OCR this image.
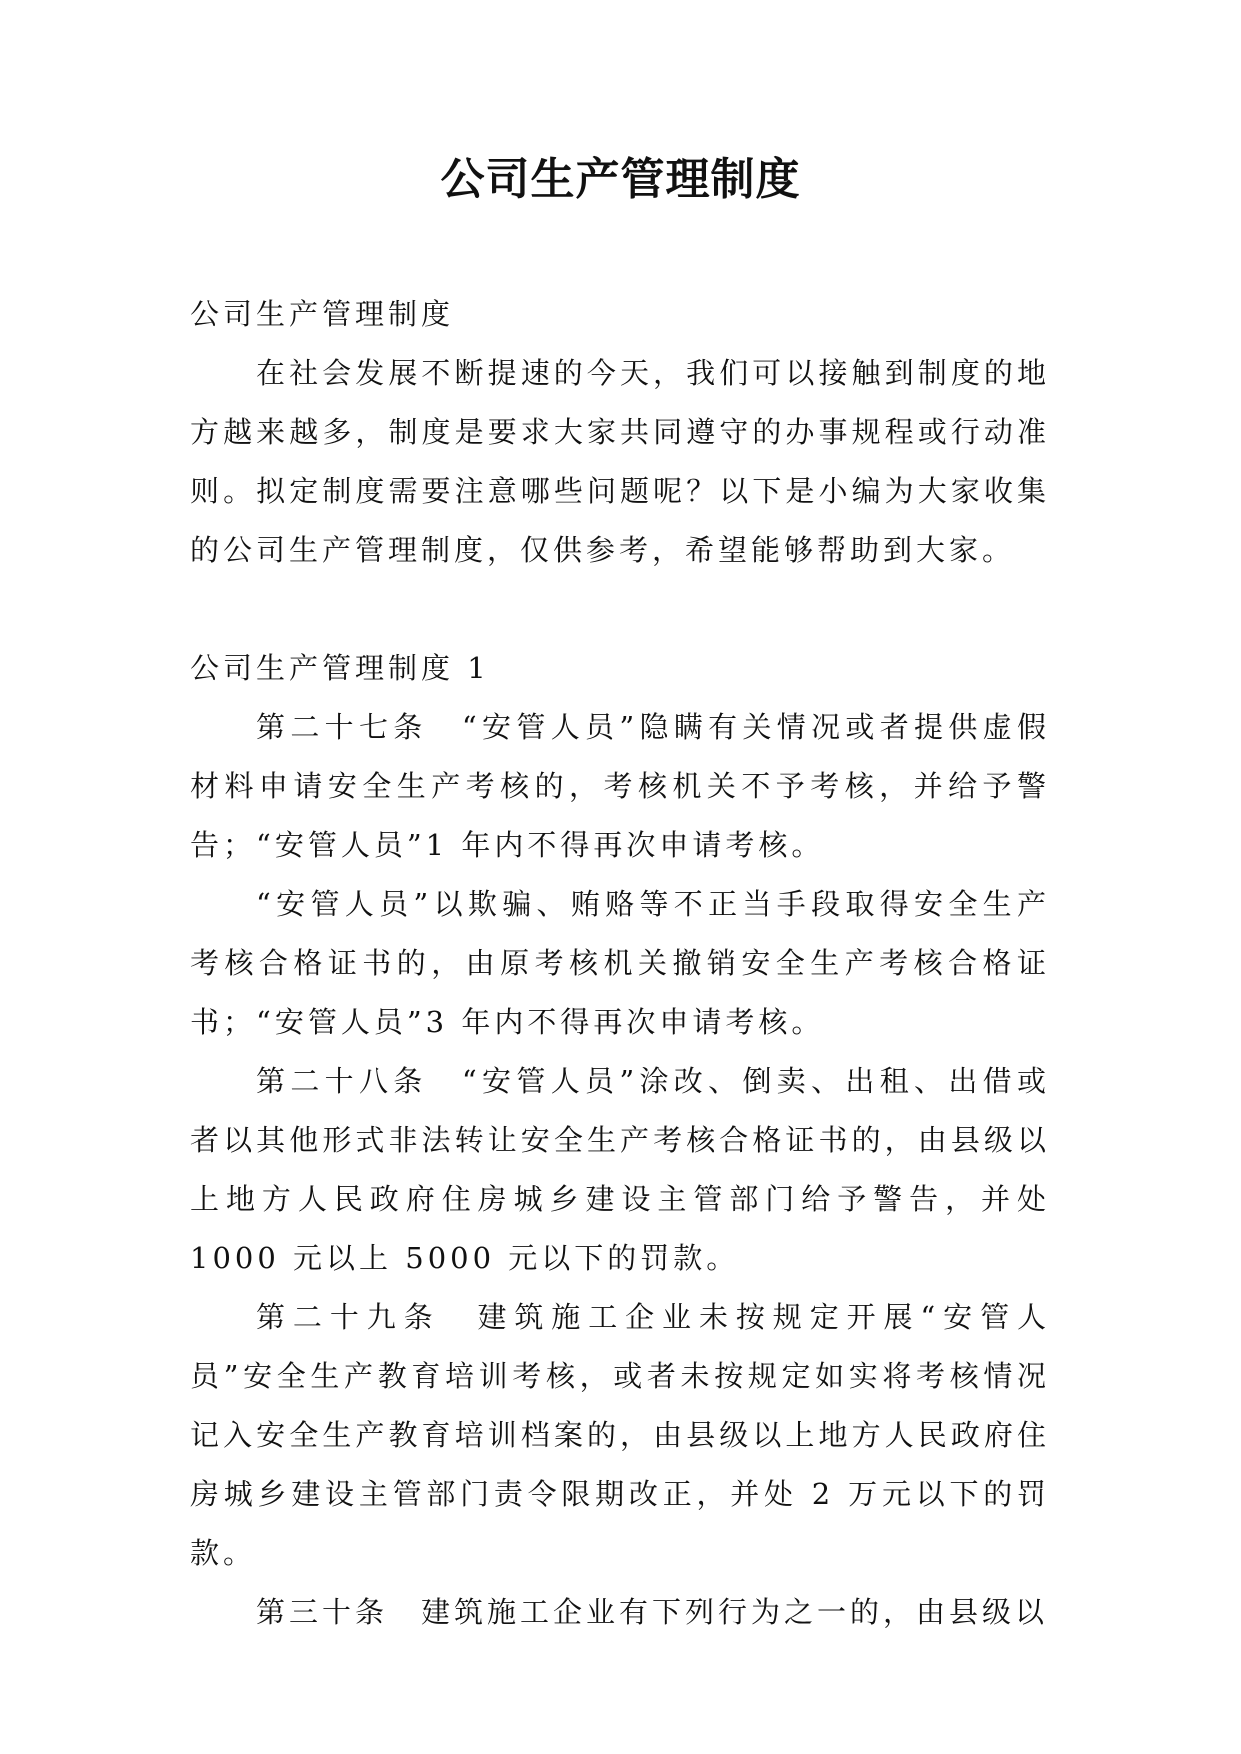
公司生产管理制度

公司生产管理制度

在社会发展不断提速的今天，我们可以接触到制度的地方越来越多，制度是要求大家共同遵守的办事规程或行动准则。拟定制度需要注意哪些问题呢？以下是小编为大家收集的公司生产管理制度，仅供参考，希望能够帮助到大家。

公司生产管理制度 1

第二十七条　“安管人员”隐瞒有关情况或者提供虚假材料申请安全生产考核的，考核机关不予考核，并给予警告；“安管人员”1 年内不得再次申请考核。

“安管人员”以欺骗、贿赂等不正当手段取得安全生产考核合格证书的，由原考核机关撤销安全生产考核合格证书；“安管人员”3 年内不得再次申请考核。

第二十八条　“安管人员”涂改、倒卖、出租、出借或者以其他形式非法转让安全生产考核合格证书的，由县级以上地方人民政府住房城乡建设主管部门给予警告，并处 1000 元以上 5000 元以下的罚款。

第二十九条　建筑施工企业未按规定开展“安管人员”安全生产教育培训考核，或者未按规定如实将考核情况记入安全生产教育培训档案的，由县级以上地方人民政府住房城乡建设主管部门责令限期改正，并处 2 万元以下的罚款。

第三十条　建筑施工企业有下列行为之一的，由县级以
